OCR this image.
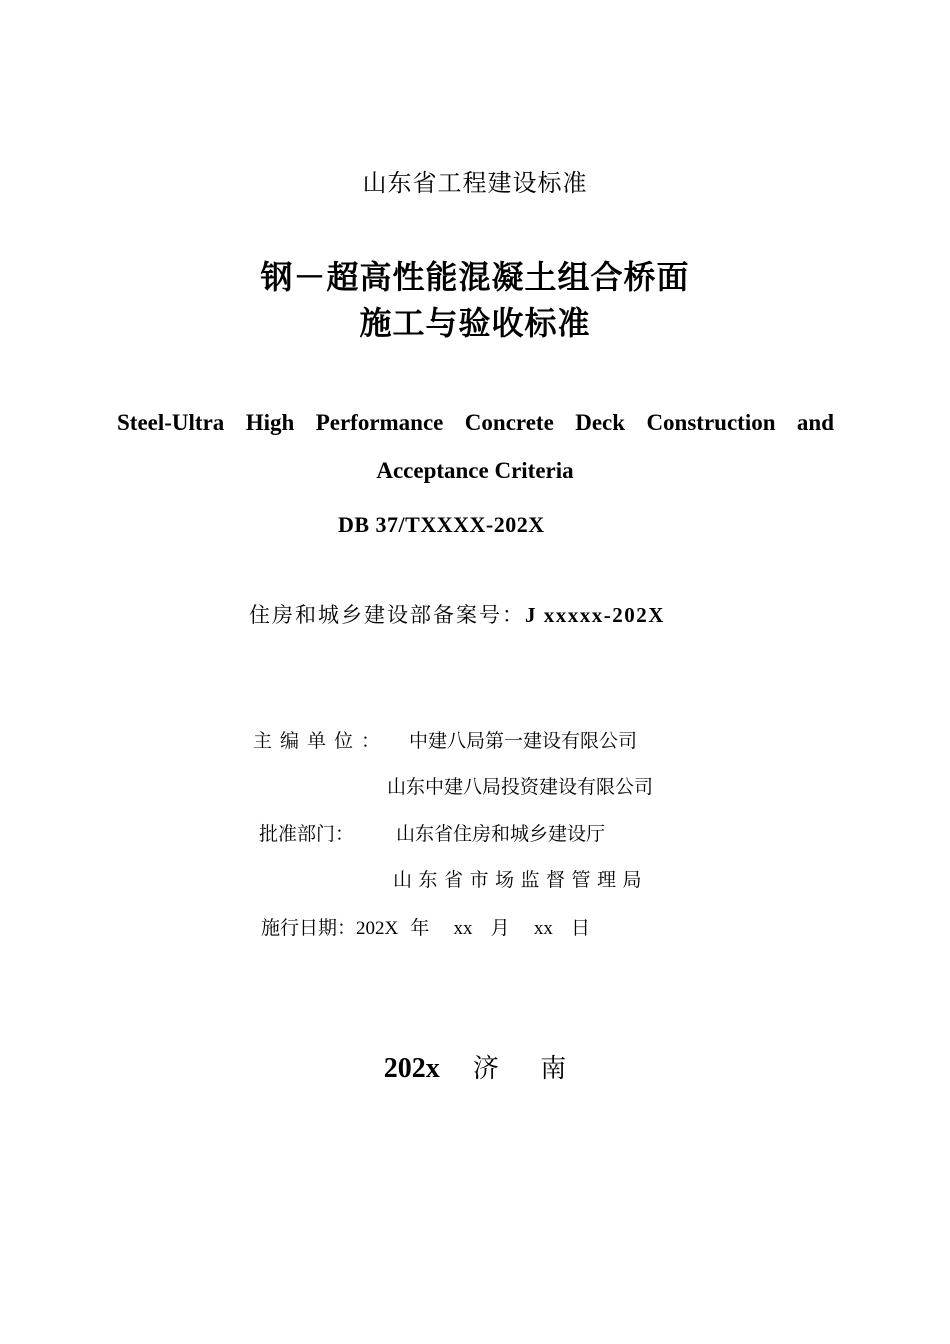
山东省工程建设标准
钢－超高性能混凝土组合桥面
施工与验收标准
Steel-Ultra High Performance Concrete Deck Construction and
Acceptance Criteria
DB 37/TXXXX-202X
住房和城乡建设部备案号：J xxxxx-202X
主编单位： 中建八局第一建设有限公司
山东中建八局投资建设有限公司
批准部门： 山东省住房和城乡建设厅
山东省市场监督管理局
施行日期：202X 年 xx 月 xx 日
202x 济 南
